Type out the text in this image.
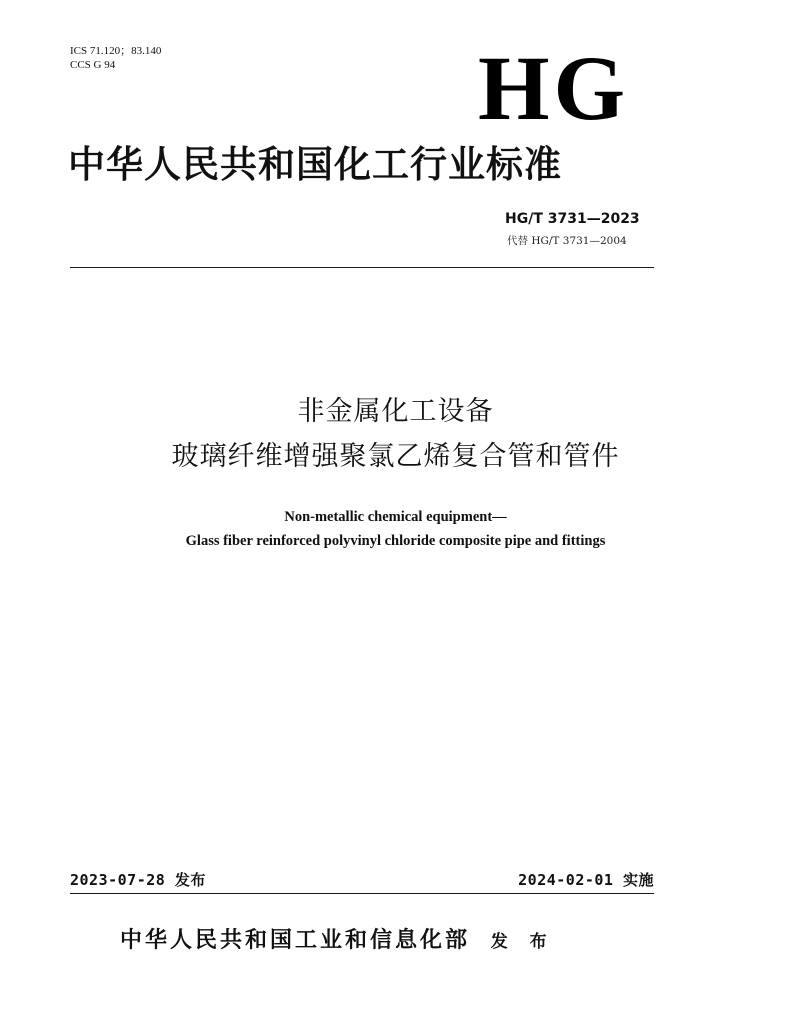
ICS 71.120；83.140
CCS G 94	HG
中华人民共和国化工行业标准
HG/T 3731—2023
代替 HG/T 3731—2004
非金属化工设备
玻璃纤维增强聚氯乙烯复合管和管件
Non-metallic chemical equipment—
Glass fiber reinforced polyvinyl chloride composite pipe and fittings
2023-07-28 发布	2024-02-01 实施
中华人民共和国工业和信息化部 发 布
